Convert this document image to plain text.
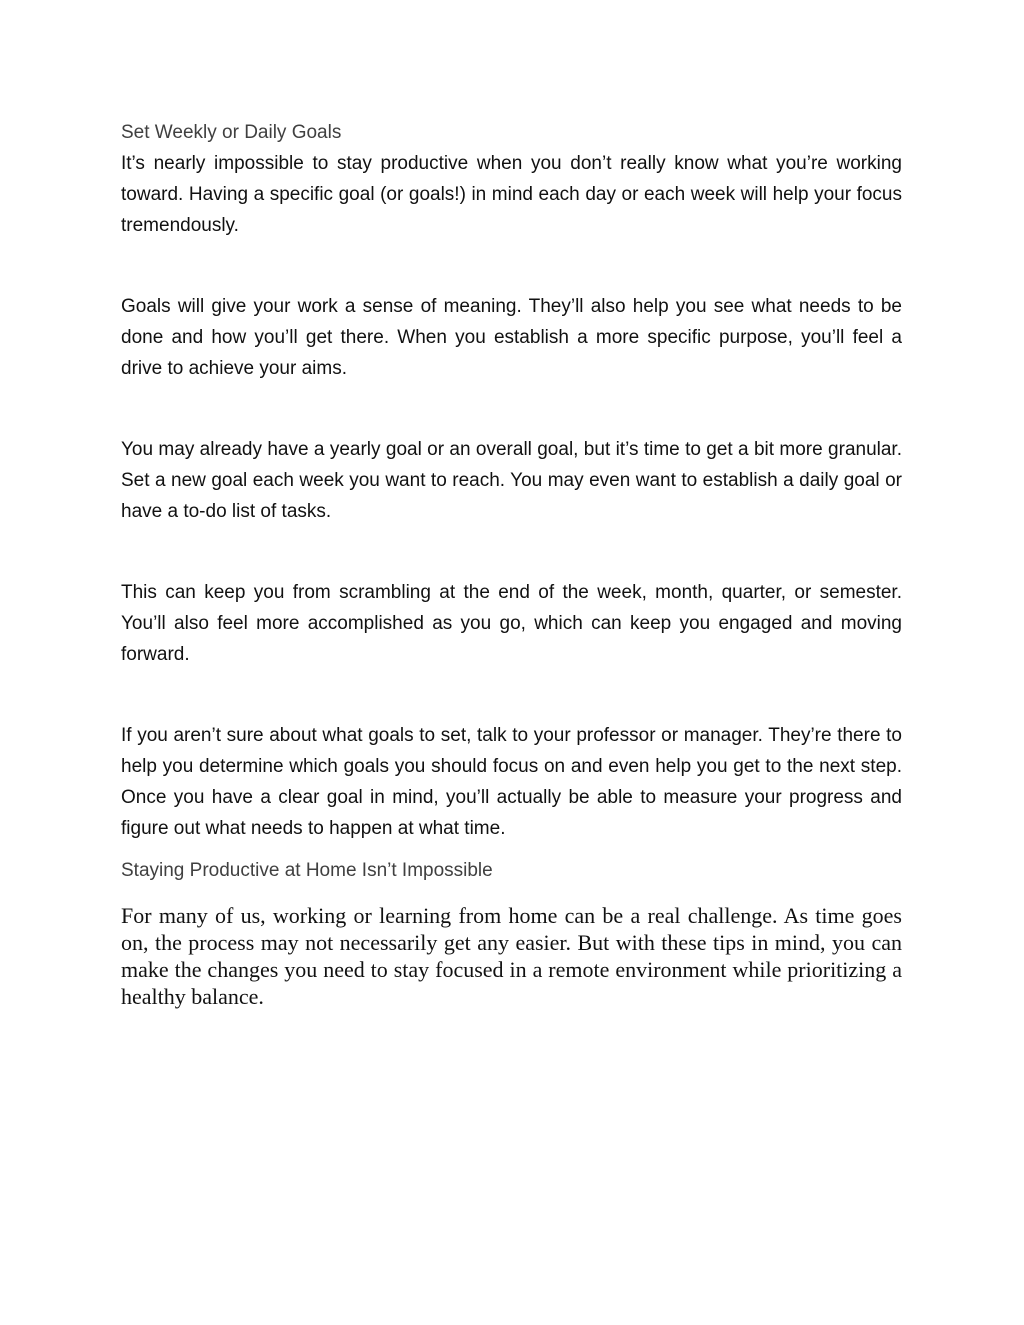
Set Weekly or Daily Goals

It’s nearly impossible to stay productive when you don’t really know what you’re working toward. Having a specific goal (or goals!) in mind each day or each week will help your focus tremendously.

Goals will give your work a sense of meaning. They’ll also help you see what needs to be done and how you’ll get there. When you establish a more specific purpose, you’ll feel a drive to achieve your aims.

You may already have a yearly goal or an overall goal, but it’s time to get a bit more granular. Set a new goal each week you want to reach. You may even want to establish a daily goal or have a to-do list of tasks.

This can keep you from scrambling at the end of the week, month, quarter, or semester. You’ll also feel more accomplished as you go, which can keep you engaged and moving forward.

If you aren’t sure about what goals to set, talk to your professor or manager. They’re there to help you determine which goals you should focus on and even help you get to the next step. Once you have a clear goal in mind, you’ll actually be able to measure your progress and figure out what needs to happen at what time.

Staying Productive at Home Isn’t Impossible

For many of us, working or learning from home can be a real challenge. As time goes on, the process may not necessarily get any easier. But with these tips in mind, you can make the changes you need to stay focused in a remote environment while prioritizing a healthy balance.
